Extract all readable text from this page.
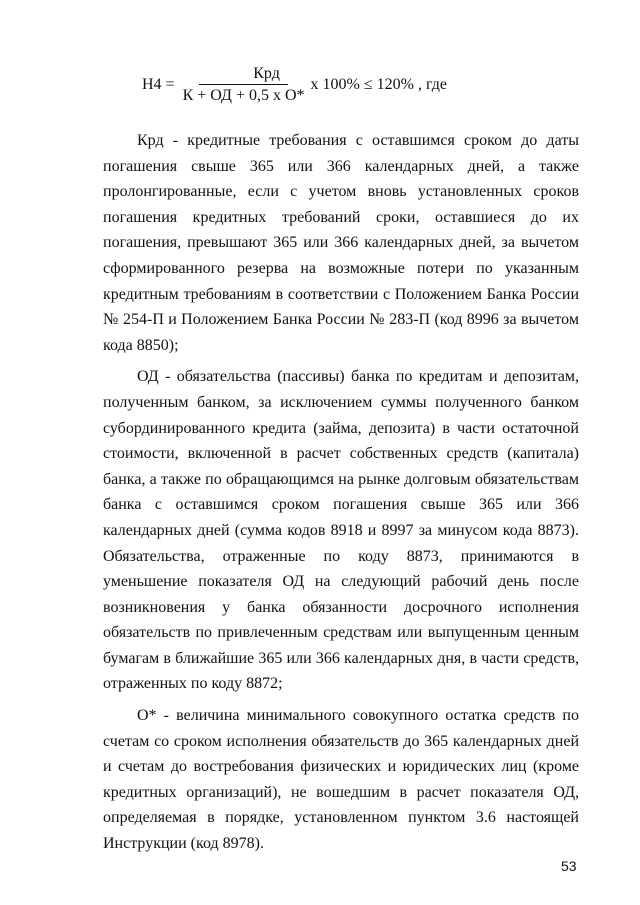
$Н4 = \frac{\text{Крд}}{\text{К + ОД + 0,5 х О*}}$ х 100% ≤ 120% , где

Крд - кредитные требования с оставшимся сроком до даты погашения свыше 365 или 366 календарных дней, а также пролонгированные, если с учетом вновь установленных сроков погашения кредитных требований сроки, оставшиеся до их погашения, превышают 365 или 366 календарных дней, за вычетом сформированного резерва на возможные потери по указанным кредитным требованиям в соответствии с Положением Банка России № 254-П и Положением Банка России № 283-П (код 8996 за вычетом кода 8850);

ОД - обязательства (пассивы) банка по кредитам и депозитам, полученным банком, за исключением суммы полученного банком субординированного кредита (займа, депозита) в части остаточной стоимости, включенной в расчет собственных средств (капитала) банка, а также по обращающимся на рынке долговым обязательствам банка с оставшимся сроком погашения свыше 365 или 366 календарных дней (сумма кодов 8918 и 8997 за минусом кода 8873). Обязательства, отраженные по коду 8873, принимаются в уменьшение показателя ОД на следующий рабочий день после возникновения у банка обязанности досрочного исполнения обязательств по привлеченным средствам или выпущенным ценным бумагам в ближайшие 365 или 366 календарных дня, в части средств, отраженных по коду 8872;

О* - величина минимального совокупного остатка средств по счетам со сроком исполнения обязательств до 365 календарных дней и счетам до востребования физических и юридических лиц (кроме кредитных организаций), не вошедшим в расчет показателя ОД, определяемая в порядке, установленном пунктом 3.6 настоящей Инструкции (код 8978).

53
